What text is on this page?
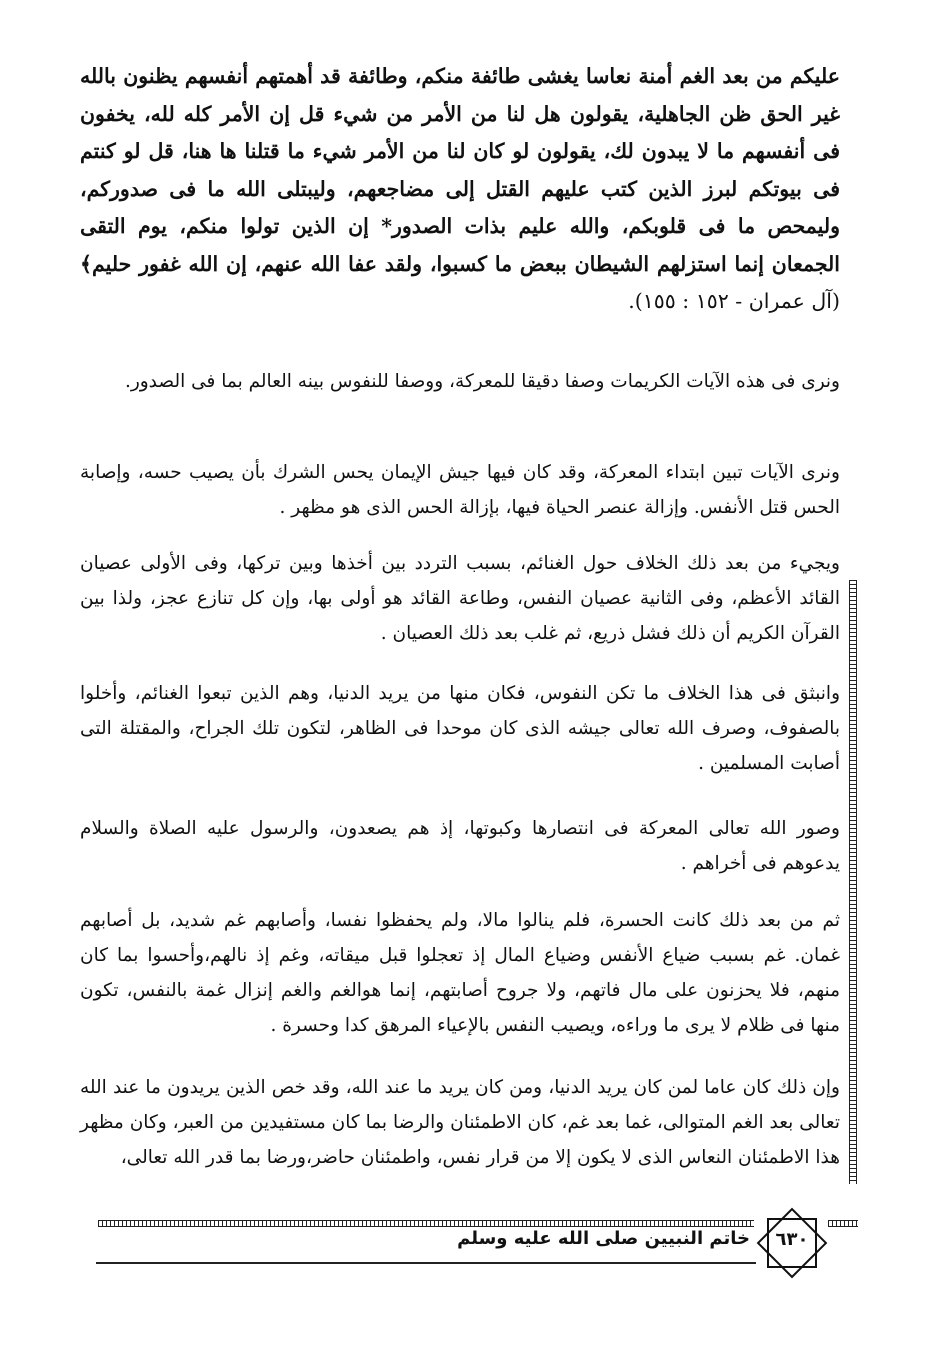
عليكم من بعد الغم أمنة نعاسا يغشى طائفة منكم، وطائفة قد أهمتهم أنفسهم يظنون بالله غير الحق ظن الجاهلية، يقولون هل لنا من الأمر من شيء قل إن الأمر كله لله، يخفون فى أنفسهم ما لا يبدون لك، يقولون لو كان لنا من الأمر شيء ما قتلنا ها هنا، قل لو كنتم فى بيوتكم لبرز الذين كتب عليهم القتل إلى مضاجعهم، وليبتلى الله ما فى صدوركم، وليمحص ما فى قلوبكم، والله عليم بذات الصدور* إن الذين تولوا منكم، يوم التقى الجمعان إنما استزلهم الشيطان ببعض ما كسبوا، ولقد عفا الله عنهم، إن الله غفور حليم﴾ (آل عمران - ١٥٢ : ١٥٥).
ونرى فى هذه الآيات الكريمات وصفا دقيقا للمعركة، ووصفا للنفوس بينه العالم بما فى الصدور.
ونرى الآيات تبين ابتداء المعركة، وقد كان فيها جيش الإيمان يحس الشرك بأن يصيب حسه، وإصابة الحس قتل الأنفس. وإزالة عنصر الحياة فيها، بإزالة الحس الذى هو مظهر .
ويجيء من بعد ذلك الخلاف حول الغنائم، بسبب التردد بين أخذها وبين تركها، وفى الأولى عصيان القائد الأعظم، وفى الثانية عصيان النفس، وطاعة القائد هو أولى بها، وإن كل تنازع عجز، ولذا بين القرآن الكريم أن ذلك فشل ذريع، ثم غلب بعد ذلك العصيان .
وانبثق فى هذا الخلاف ما تكن النفوس، فكان منها من يريد الدنيا، وهم الذين تبعوا الغنائم، وأخلوا بالصفوف، وصرف الله تعالى جيشه الذى كان موحدا فى الظاهر، لتكون تلك الجراح، والمقتلة التى أصابت المسلمين .
وصور الله تعالى المعركة فى انتصارها وكبوتها، إذ هم يصعدون، والرسول عليه الصلاة والسلام يدعوهم فى أخراهم .
ثم من بعد ذلك كانت الحسرة، فلم ينالوا مالا، ولم يحفظوا نفسا، وأصابهم غم شديد، بل أصابهم غمان. غم بسبب ضياع الأنفس وضياع المال إذ تعجلوا قبل ميقاته، وغم إذ نالهم،وأحسوا بما كان منهم، فلا يحزنون على مال فاتهم، ولا جروح أصابتهم، إنما هوالغم والغم إنزال غمة بالنفس، تكون منها فى ظلام لا يرى ما وراءه، ويصيب النفس بالإعياء المرهق كدا وحسرة .
وإن ذلك كان عاما لمن كان يريد الدنيا، ومن كان يريد ما عند الله، وقد خص الذين يريدون ما عند الله تعالى بعد الغم المتوالى، غما بعد غم، كان الاطمئنان والرضا بما كان مستفيدين من العبر، وكان مظهر هذا الاطمئنان النعاس الذى لا يكون إلا من قرار نفس، واطمئنان حاضر،ورضا بما قدر الله تعالى،
خاتم النبيين صلى الله عليه وسلم	٦٣٠
